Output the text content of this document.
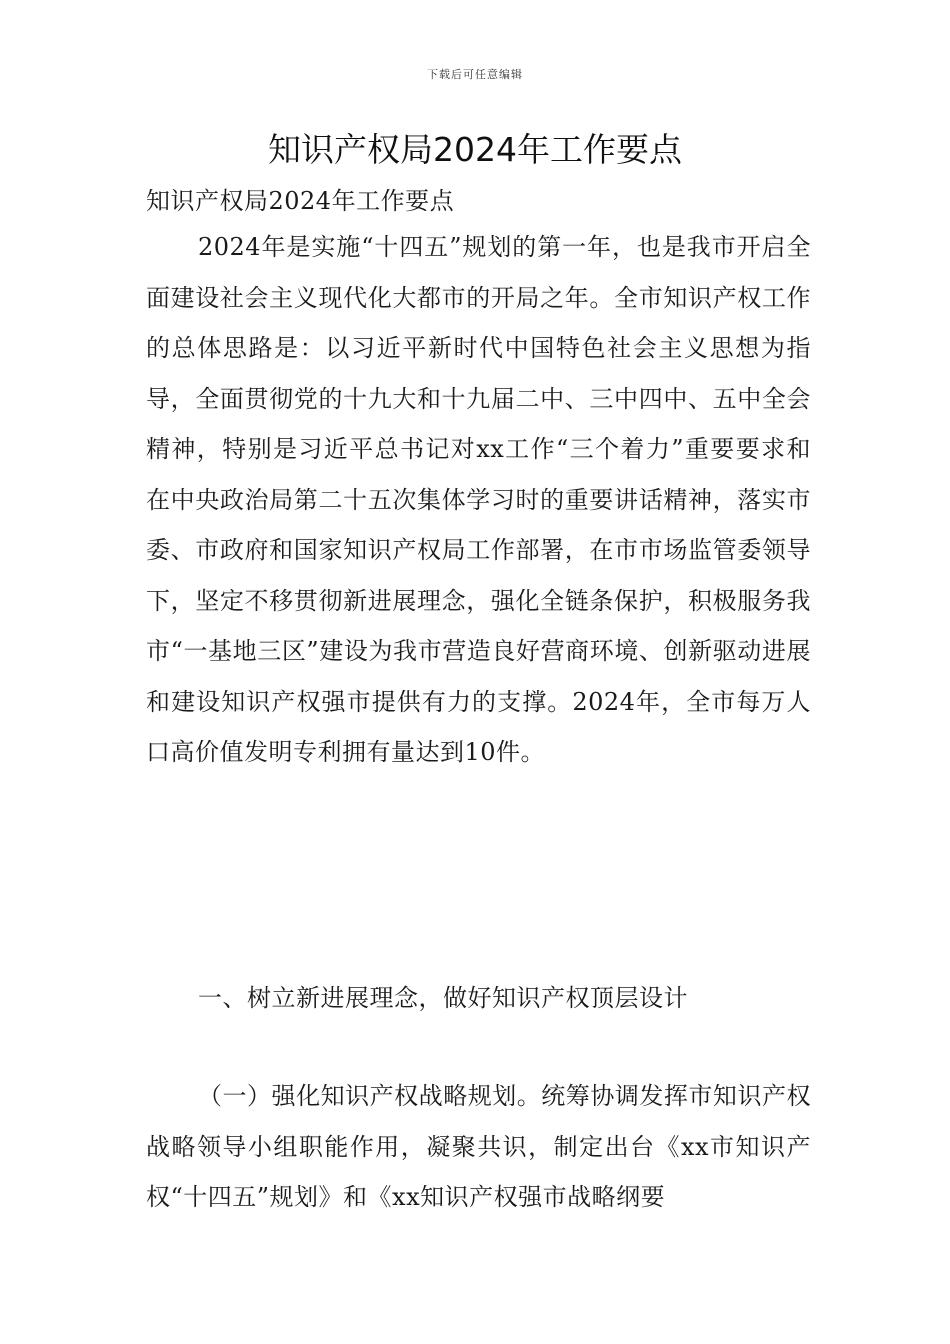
下载后可任意编辑
知识产权局2024年工作要点

知识产权局2024年工作要点

2024年是实施“十四五”规划的第一年，也是我市开启全面建设社会主义现代化大都市的开局之年。全市知识产权工作的总体思路是：以习近平新时代中国特色社会主义思想为指导，全面贯彻党的十九大和十九届二中、三中四中、五中全会精神，特别是习近平总书记对xx工作“三个着力”重要要求和在中央政治局第二十五次集体学习时的重要讲话精神，落实市委、市政府和国家知识产权局工作部署，在市市场监管委领导下，坚定不移贯彻新进展理念，强化全链条保护，积极服务我市“一基地三区”建设为我市营造良好营商环境、创新驱动进展和建设知识产权强市提供有力的支撑。2024年，全市每万人口高价值发明专利拥有量达到10件。

一、树立新进展理念，做好知识产权顶层设计

（一）强化知识产权战略规划。统筹协调发挥市知识产权战略领导小组职能作用，凝聚共识，制定出台《xx市知识产权“十四五”规划》和《xx知识产权强市战略纲要
